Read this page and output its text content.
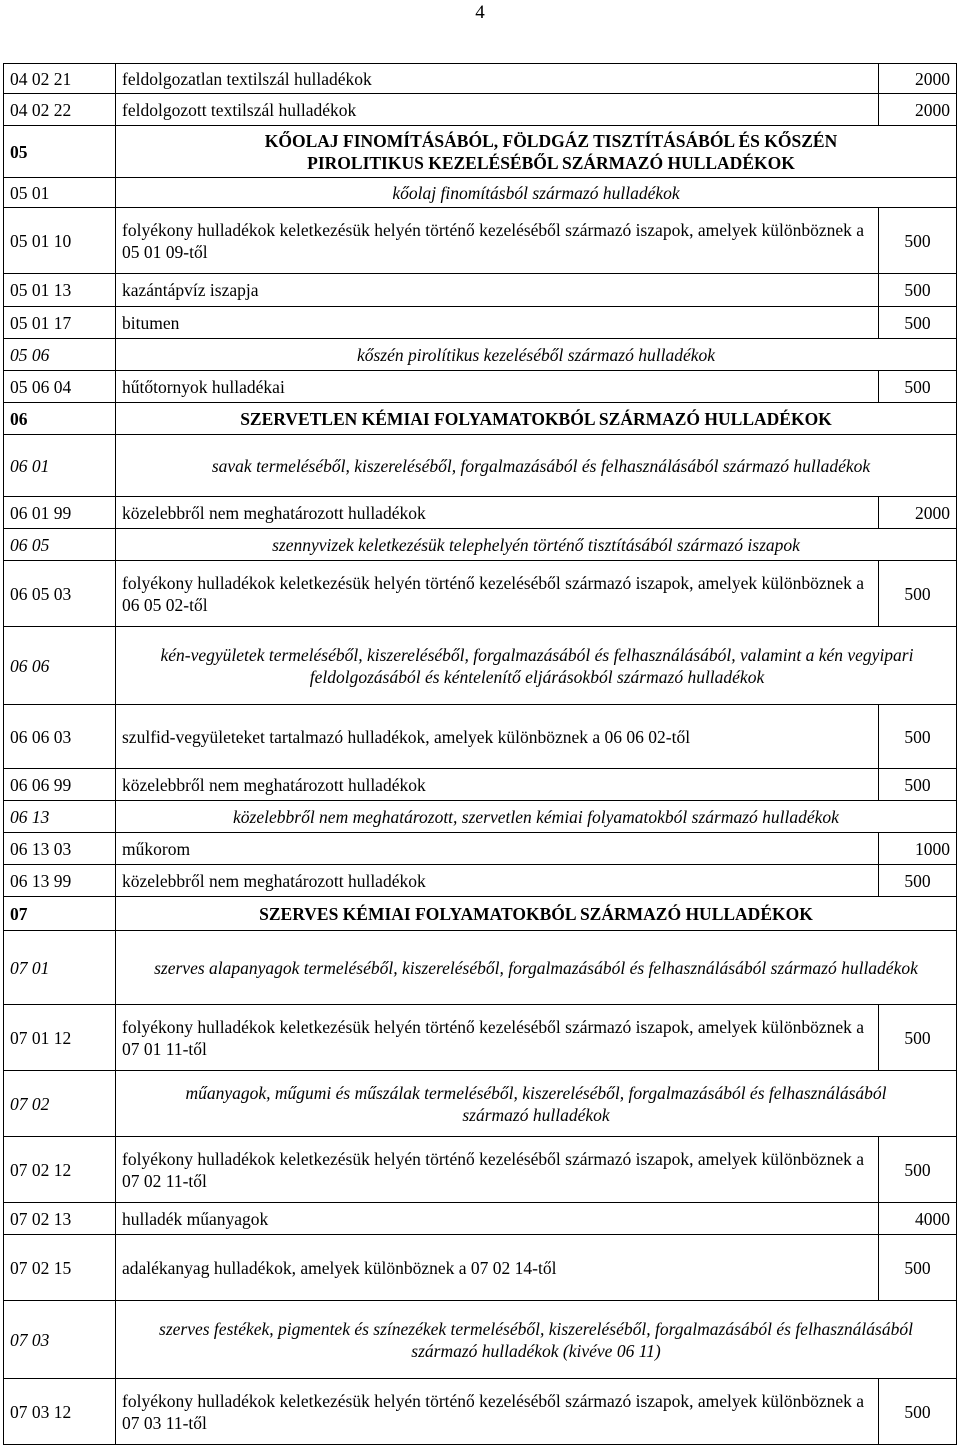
4
04 02 21	feldolgozatlan textilszál hulladékok	2000
04 02 22	feldolgozott textilszál hulladékok	2000
05	KŐOLAJ FINOMÍTÁSÁBÓL, FÖLDGÁZ TISZTÍTÁSÁBÓL ÉS KŐSZÉN PIROLITIKUS KEZELÉSÉBŐL SZÁRMAZÓ HULLADÉKOK	
05 01	kőolaj finomításból származó hulladékok	
05 01 10	folyékony hulladékok keletkezésük helyén történő kezeléséből származó iszapok, amelyek különböznek a 05 01 09-től	500
05 01 13	kazántápvíz iszapja	500
05 01 17	bitumen	500
05 06	kőszén pirolítikus kezeléséből származó hulladékok	
05 06 04	hűtőtornyok hulladékai	500
06	SZERVETLEN KÉMIAI FOLYAMATOKBÓL SZÁRMAZÓ HULLADÉKOK	
06 01	savak termeléséből, kiszereléséből, forgalmazásából és felhasználásából származó hulladékok	
06 01 99	közelebbről nem meghatározott hulladékok	2000
06 05	szennyvizek keletkezésük telephelyén történő tisztításából származó iszapok	
06 05 03	folyékony hulladékok keletkezésük helyén történő kezeléséből származó iszapok, amelyek különböznek a 06 05 02-től	500
06 06	kén-vegyületek termeléséből, kiszereléséből, forgalmazásából és felhasználásából, valamint a kén vegyipari feldolgozásából és kéntelenítő eljárásokból származó hulladékok	
06 06 03	szulfid-vegyületeket tartalmazó hulladékok, amelyek különböznek a 06 06 02-től	500
06 06 99	közelebbről nem meghatározott hulladékok	500
06 13	közelebbről nem meghatározott, szervetlen kémiai folyamatokból származó hulladékok	
06 13 03	műkorom	1000
06 13 99	közelebbről nem meghatározott hulladékok	500
07	SZERVES KÉMIAI FOLYAMATOKBÓL SZÁRMAZÓ HULLADÉKOK	
07 01	szerves alapanyagok termeléséből, kiszereléséből, forgalmazásából és felhasználásából származó hulladékok	
07 01 12	folyékony hulladékok keletkezésük helyén történő kezeléséből származó iszapok, amelyek különböznek a 07 01 11-től	500
07 02	műanyagok, műgumi és műszálak termeléséből, kiszereléséből, forgalmazásából és felhasználásából származó hulladékok	
07 02 12	folyékony hulladékok keletkezésük helyén történő kezeléséből származó iszapok, amelyek különböznek a 07 02 11-től	500
07 02 13	hulladék műanyagok	4000
07 02 15	adalékanyag hulladékok, amelyek különböznek a 07 02 14-től	500
07 03	szerves festékek, pigmentek és színezékek termeléséből, kiszereléséből, forgalmazásából és felhasználásából származó hulladékok (kivéve 06 11)	
07 03 12	folyékony hulladékok keletkezésük helyén történő kezeléséből származó iszapok, amelyek különböznek a 07 03 11-től	500
